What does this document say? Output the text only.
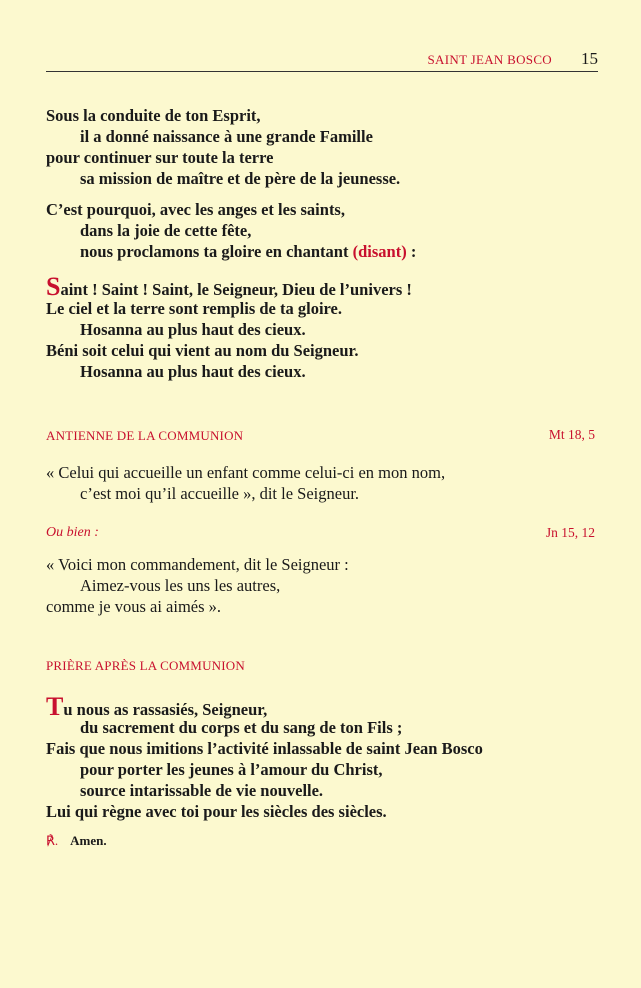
SAINT JEAN BOSCO 15
Sous la conduite de ton Esprit,
il a donné naissance à une grande Famille
pour continuer sur toute la terre
sa mission de maître et de père de la jeunesse.
C’est pourquoi, avec les anges et les saints,
dans la joie de cette fête,
nous proclamons ta gloire en chantant (disant) :
Saint ! Saint ! Saint, le Seigneur, Dieu de l’univers !
Le ciel et la terre sont remplis de ta gloire.
Hosanna au plus haut des cieux.
Béni soit celui qui vient au nom du Seigneur.
Hosanna au plus haut des cieux.
ANTIENNE DE LA COMMUNION	Mt 18, 5
« Celui qui accueille un enfant comme celui-ci en mon nom,
c’est moi qu’il accueille », dit le Seigneur.
Ou bien :	Jn 15, 12
« Voici mon commandement, dit le Seigneur :
Aimez-vous les uns les autres,
comme je vous ai aimés ».
PRIÈRE APRÈS LA COMMUNION
Tu nous as rassasiés, Seigneur,
du sacrement du corps et du sang de ton Fils ;
Fais que nous imitions l’activité inlassable de saint Jean Bosco
pour porter les jeunes à l’amour du Christ,
source intarissable de vie nouvelle.
Lui qui règne avec toi pour les siècles des siècles.
℟. Amen.
